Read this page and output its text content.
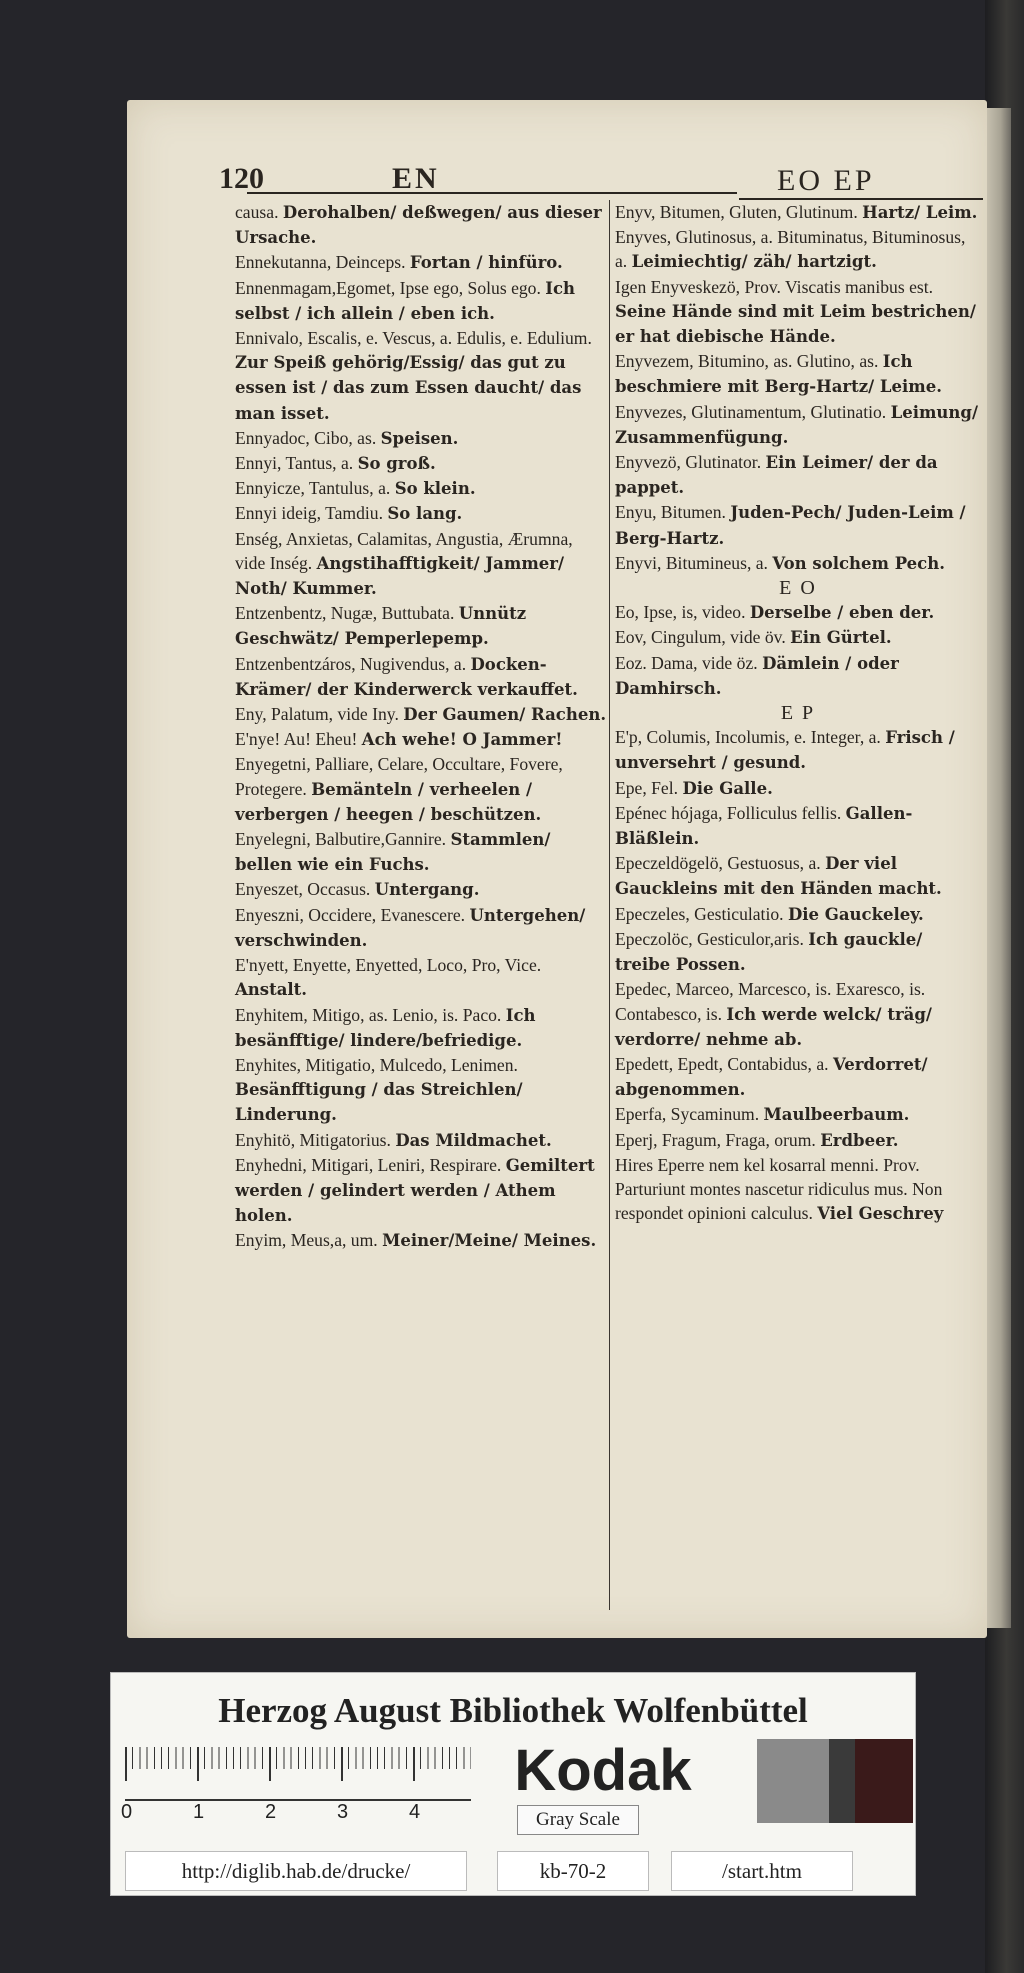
120	EN	EO EP

causa. Derohalben/ deßwegen/ aus dieser Ursache.

Ennekutanna, Deinceps. Fortan / hinfüro.

Ennenmagam,Egomet, Ipse ego, Solus ego. Ich selbst / ich allein / eben ich.

Ennivalo, Escalis, e. Vescus, a. Edulis, e. Edulium. Zur Speiß gehörig/Essig/ das gut zu essen ist / das zum Essen daucht/ das man isset.

Ennyadoc, Cibo, as. Speisen.

Ennyi, Tantus, a. So groß.

Ennyicze, Tantulus, a. So klein.

Ennyi ideig, Tamdiu. So lang.

Enség, Anxietas, Calamitas, Angustia, Ærumna, vide Inség. Angstihafftigkeit/ Jammer/ Noth/ Kummer.

Entzenbentz, Nugæ, Buttubata. Unnütz Geschwätz/ Pemperlepemp.

Entzenbentzáros, Nugivendus, a. Docken-Krämer/ der Kinderwerck verkauffet.

Eny, Palatum, vide Iny. Der Gaumen/ Rachen.

E'nye! Au! Eheu! Ach wehe! O Jammer!

Enyegetni, Palliare, Celare, Occultare, Fovere, Protegere. Bemänteln / verheelen / verbergen / heegen / beschützen.

Enyelegni, Balbutire,Gannire. Stammlen/ bellen wie ein Fuchs.

Enyeszet, Occasus. Untergang.

Enyeszni, Occidere, Evanescere. Untergehen/ verschwinden.

E'nyett, Enyette, Enyetted, Loco, Pro, Vice. Anstalt.

Enyhitem, Mitigo, as. Lenio, is. Paco. Ich besänfftige/ lindere/befriedige.

Enyhites, Mitigatio, Mulcedo, Lenimen. Besänfftigung / das Streichlen/ Linderung.

Enyhitö, Mitigatorius. Das Mildmachet.

Enyhedni, Mitigari, Leniri, Respirare. Gemiltert werden / gelindert werden / Athem holen.

Enyim, Meus,a, um. Meiner/Meine/ Meines.

Enyv, Bitumen, Gluten, Glutinum. Hartz/ Leim.

Enyves, Glutinosus, a. Bituminatus, Bituminosus, a. Leimiechtig/ zäh/ hartzigt.

Igen Enyveskezö, Prov. Viscatis manibus est. Seine Hände sind mit Leim bestrichen/ er hat diebische Hände.

Enyvezem, Bitumino, as. Glutino, as. Ich beschmiere mit Berg-Hartz/ Leime.

Enyvezes, Glutinamentum, Glutinatio. Leimung/ Zusammenfügung.

Enyvezö, Glutinator. Ein Leimer/ der da pappet.

Enyu, Bitumen. Juden-Pech/ Juden-Leim / Berg-Hartz.

Enyvi, Bitumineus, a. Von solchem Pech.

E O

Eo, Ipse, is, video. Derselbe / eben der.

Eov, Cingulum, vide öv. Ein Gürtel.

Eoz. Dama, vide öz. Dämlein / oder Damhirsch.

E P

E'p, Columis, Incolumis, e. Integer, a. Frisch / unversehrt / gesund.

Epe, Fel. Die Galle.

Epénec hójaga, Folliculus fellis. Gallen-Bläßlein.

Epeczeldögelö, Gestuosus, a. Der viel Gauckleins mit den Händen macht.

Epeczeles, Gesticulatio. Die Gauckeley.

Epeczolöc, Gesticulor,aris. Ich gauckle/ treibe Possen.

Epedec, Marceo, Marcesco, is. Exaresco, is. Contabesco, is. Ich werde welck/ träg/ verdorre/ nehme ab.

Epedett, Epedt, Contabidus, a. Verdorret/ abgenommen.

Eperfa, Sycaminum. Maulbeerbaum.

Eperj, Fragum, Fraga, orum. Erdbeer.

Hires Eperre nem kel kosarral menni. Prov. Parturiunt montes nascetur ridiculus mus. Non respondet opinioni calculus. Viel Geschrey

Herzog August Bibliothek Wolfenbüttel
0	1	2	3	4
Kodak
Gray Scale
http://diglib.hab.de/drucke/	kb-70-2	/start.htm
